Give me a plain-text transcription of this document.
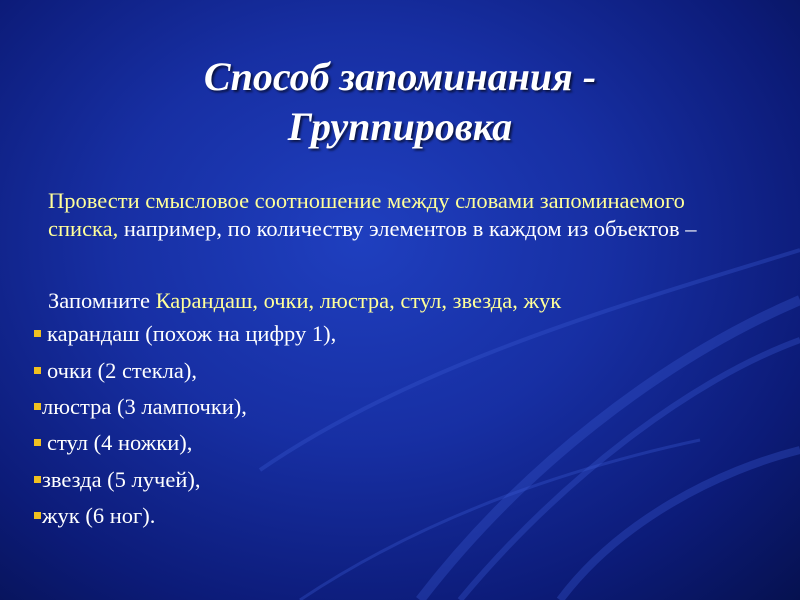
Способ запоминания -
Группировка
Провести смысловое соотношение между словами запоминаемого списка, например, по количеству элементов в каждом из объектов –
Запомните Карандаш, очки, люстра, стул, звезда, жук
карандаш (похож на цифру 1),
очки (2 стекла),
люстра (3 лампочки),
стул (4 ножки),
звезда (5 лучей),
жук (6 ног).
